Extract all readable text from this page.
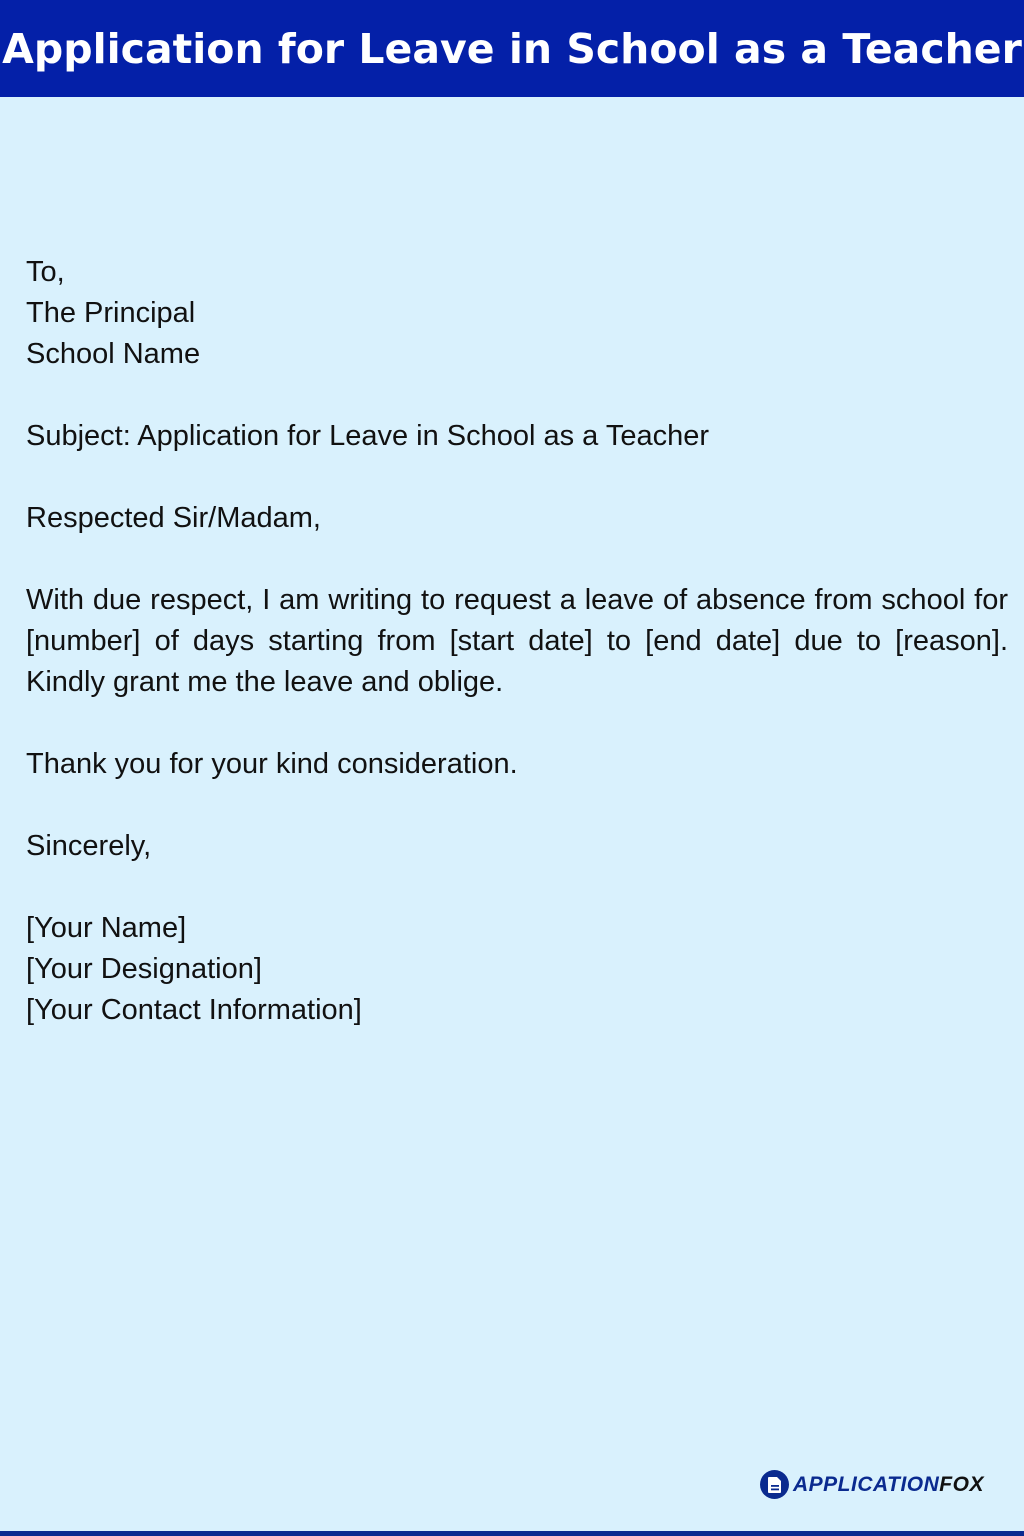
Application for Leave in School as a Teacher
To,
The Principal
School Name
Subject: Application for Leave in School as a Teacher
Respected Sir/Madam,
With due respect, I am writing to request a leave of absence from school for [number] of days starting from [start date] to [end date] due to [reason]. Kindly grant me the leave and oblige.
Thank you for your kind consideration.
Sincerely,
[Your Name]
[Your Designation]
[Your Contact Information]
APPLICATIONFOX
